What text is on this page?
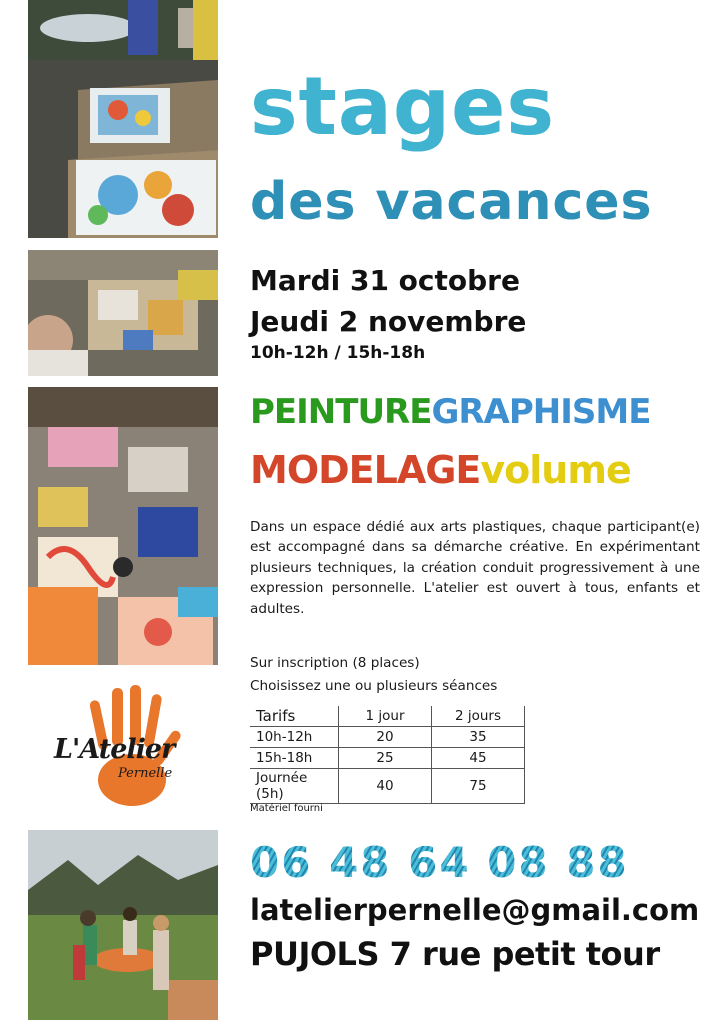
L'Atelier
Pernelle
stages
des vacances
Mardi 31 octobre
Jeudi 2 novembre
10h-12h / 15h-18h
PEINTUREGRAPHISME
MODELAGEvolume
Dans un espace dédié aux arts plastiques, chaque participant(e) est accompagné dans sa démarche créative. En expérimentant plusieurs techniques, la création conduit progressivement à une expression personnelle. L'atelier est ouvert à tous, enfants et adultes.
Sur inscription (8 places)
Choisissez une ou plusieurs séances
Tarifs	1 jour	2 jours
10h-12h	20	35
15h-18h	25	45
Journée (5h)	40	75
Matériel fourni
06 48 64 08 88
latelierpernelle@gmail.com
PUJOLS 7 rue petit tour
